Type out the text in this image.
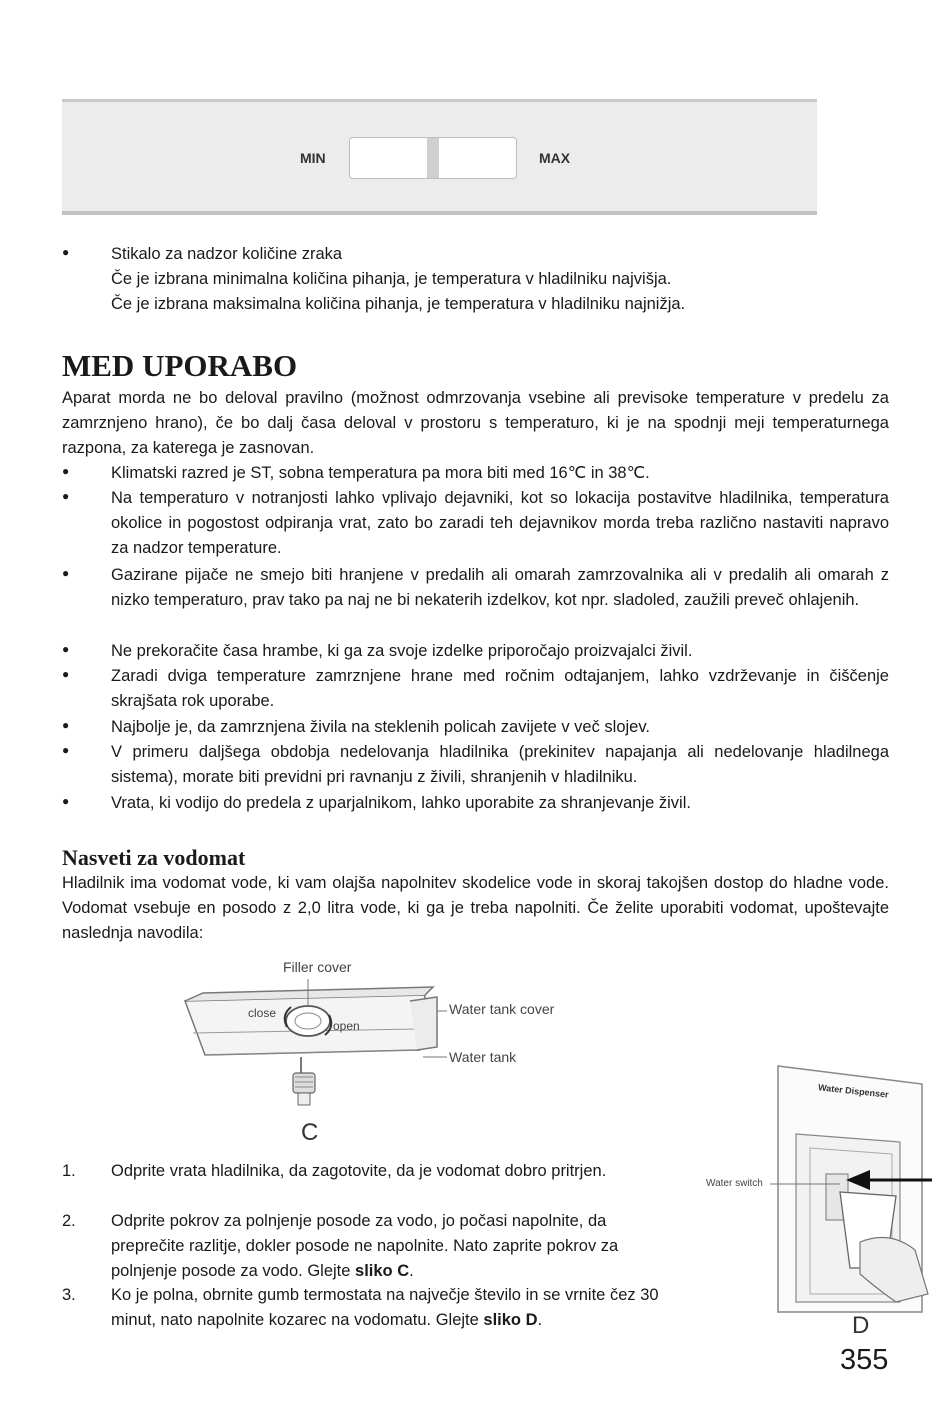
MIN	MAX
●	Stikalo za nadzor količine zraka
Če je izbrana minimalna količina pihanja, je temperatura v hladilniku najvišja.
Če je izbrana maksimalna količina pihanja, je temperatura v hladilniku najnižja.
MED UPORABO
Aparat morda ne bo deloval pravilno (možnost odmrzovanja vsebine ali previsoke temperature v predelu za zamrznjeno hrano), če bo dalj časa deloval v prostoru s temperaturo, ki je na spodnji meji temperaturnega razpona, za katerega je zasnovan.
●	Klimatski razred je ST, sobna temperatura pa mora biti med 16℃ in 38℃.
●	Na temperaturo v notranjosti lahko vplivajo dejavniki, kot so lokacija postavitve hladilnika, temperatura okolice in pogostost odpiranja vrat, zato bo zaradi teh dejavnikov morda treba različno nastaviti napravo za nadzor temperature.
●	Gazirane pijače ne smejo biti hranjene v predalih ali omarah zamrzovalnika ali v predalih ali omarah z nizko temperaturo, prav tako pa naj ne bi nekaterih izdelkov, kot npr. sladoled, zaužili preveč ohlajenih.
●	Ne prekoračite časa hrambe, ki ga za svoje izdelke priporočajo proizvajalci živil.
●	Zaradi dviga temperature zamrznjene hrane med ročnim odtajanjem, lahko vzdrževanje in čiščenje skrajšata rok uporabe.
●	Najbolje je, da zamrznjena živila na steklenih policah zavijete v več slojev.
●	V primeru daljšega obdobja nedelovanja hladilnika (prekinitev napajanja ali nedelovanje hladilnega sistema), morate biti previdni pri ravnanju z živili, shranjenih v hladilniku.
●	Vrata, ki vodijo do predela z uparjalnikom, lahko uporabite za shranjevanje živil.
Nasveti za vodomat
Hladilnik ima vodomat vode, ki vam olajša napolnitev skodelice vode in skoraj takojšen dostop do hladne vode. Vodomat vsebuje en posodo z 2,0 litra vode, ki ga je treba napolniti. Če želite uporabiti vodomat, upoštevajte naslednja navodila:
Filler cover
close
open
Water tank cover
Water tank
C
1. Odprite vrata hladilnika, da zagotovite, da je vodomat dobro pritrjen.
2. Odprite pokrov za polnjenje posode za vodo, jo počasi napolnite, da preprečite razlitje, dokler posode ne napolnite. Nato zaprite pokrov za polnjenje posode za vodo. Glejte sliko C.
3. Ko je polna, obrnite gumb termostata na največje število in se vrnite čez 30 minut, nato napolnite kozarec na vodomatu. Glejte sliko D.
Water Dispenser
Water switch
D
355
